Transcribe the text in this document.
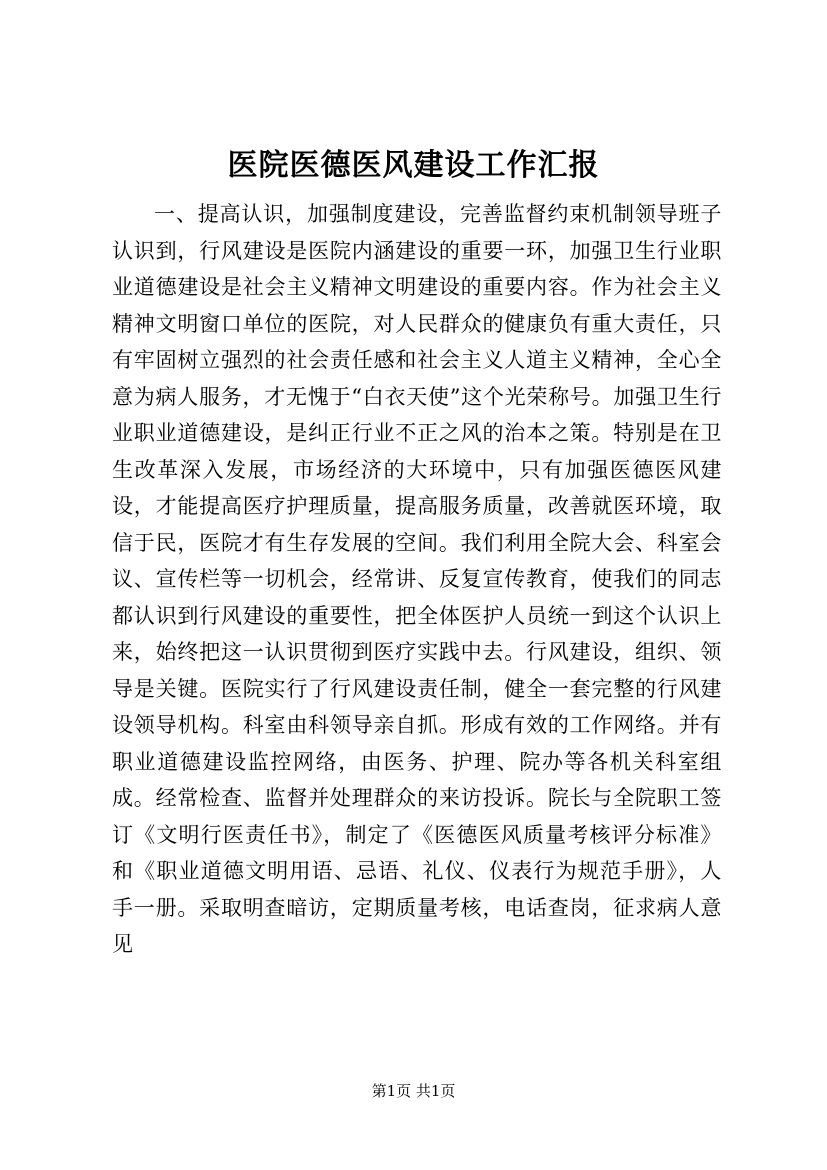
医院医德医风建设工作汇报

一、提高认识，加强制度建设，完善监督约束机制领导班子认识到，行风建设是医院内涵建设的重要一环，加强卫生行业职业道德建设是社会主义精神文明建设的重要内容。作为社会主义精神文明窗口单位的医院，对人民群众的健康负有重大责任，只有牢固树立强烈的社会责任感和社会主义人道主义精神，全心全意为病人服务，才无愧于“白衣天使”这个光荣称号。加强卫生行业职业道德建设，是纠正行业不正之风的治本之策。特别是在卫生改革深入发展，市场经济的大环境中，只有加强医德医风建设，才能提高医疗护理质量，提高服务质量，改善就医环境，取信于民，医院才有生存发展的空间。我们利用全院大会、科室会议、宣传栏等一切机会，经常讲、反复宣传教育，使我们的同志都认识到行风建设的重要性，把全体医护人员统一到这个认识上来，始终把这一认识贯彻到医疗实践中去。行风建设，组织、领导是关键。医院实行了行风建设责任制，健全一套完整的行风建设领导机构。科室由科领导亲自抓。形成有效的工作网络。并有职业道德建设监控网络，由医务、护理、院办等各机关科室组成。经常检查、监督并处理群众的来访投诉。院长与全院职工签订《文明行医责任书》，制定了《医德医风质量考核评分标准》和《职业道德文明用语、忌语、礼仪、仪表行为规范手册》，人手一册。采取明查暗访，定期质量考核，电话查岗，征求病人意见

第1页 共1页
